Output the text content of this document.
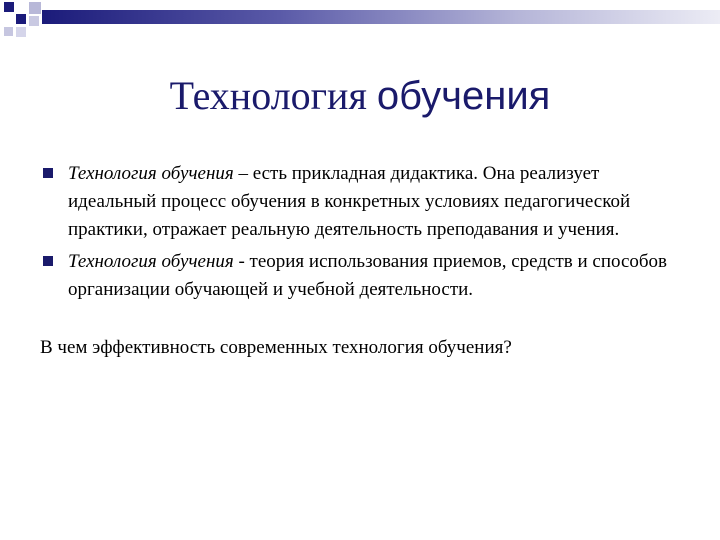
Технология обучения
Технология обучения – есть прикладная дидактика. Она реализует идеальный процесс обучения в конкретных условиях педагогической практики, отражает реальную деятельность преподавания и учения.
Технология обучения - теория использования приемов, средств и способов организации обучающей и учебной деятельности.
В чем эффективность современных технология обучения?
